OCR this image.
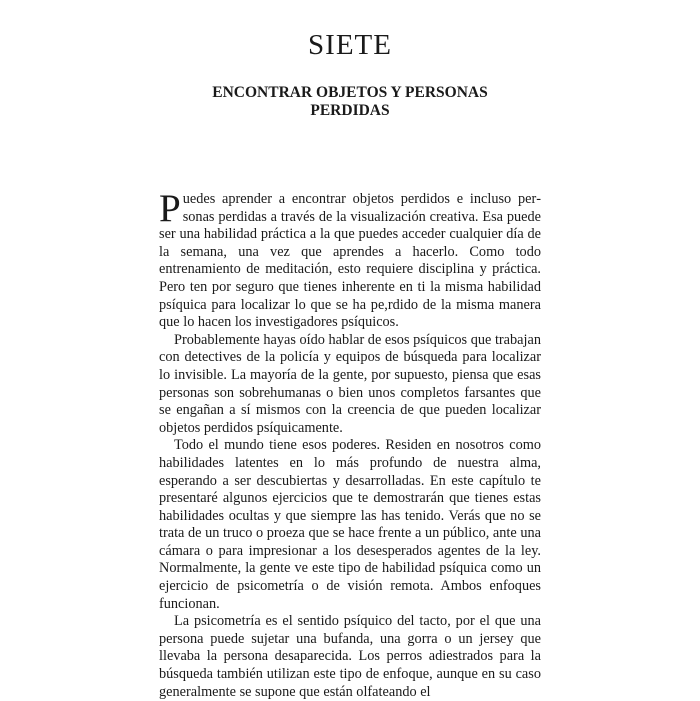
SIETE
ENCONTRAR OBJETOS Y PERSONAS
PERDIDAS

Puedes aprender a encontrar objetos perdidos e incluso personas perdidas a través de la visualización creativa. Esa puede ser una habilidad práctica a la que puedes acceder cualquier día de la semana, una vez que aprendes a hacerlo. Como todo entrenamiento de meditación, esto requiere disciplina y práctica. Pero ten por seguro que tienes inherente en ti la misma habilidad psíquica para localizar lo que se ha pe,rdido de la misma manera que lo hacen los investigadores psíquicos.

Probablemente hayas oído hablar de esos psíquicos que trabajan con detectives de la policía y equipos de búsqueda para localizar lo invisible. La mayoría de la gente, por supuesto, piensa que esas personas son sobrehumanas o bien unos completos farsantes que se engañan a sí mismos con la creencia de que pueden localizar objetos perdidos psíquicamente.

Todo el mundo tiene esos poderes. Residen en nosotros como habilidades latentes en lo más profundo de nuestra alma, esperando a ser descubiertas y desarrolladas. En este capítulo te presentaré algunos ejercicios que te demostrarán que tienes estas habilidades ocultas y que siempre las has tenido. Verás que no se trata de un truco o proeza que se hace frente a un público, ante una cámara o para impresionar a los desesperados agentes de la ley. Normalmente, la gente ve este tipo de habilidad psíquica como un ejercicio de psicometría o de visión remota. Ambos enfoques funcionan.

La psicometría es el sentido psíquico del tacto, por el que una persona puede sujetar una bufanda, una gorra o un jersey que llevaba la persona desaparecida. Los perros adiestrados para la búsqueda también utilizan este tipo de enfoque, aunque en su caso generalmente se supone que están olfateando el
